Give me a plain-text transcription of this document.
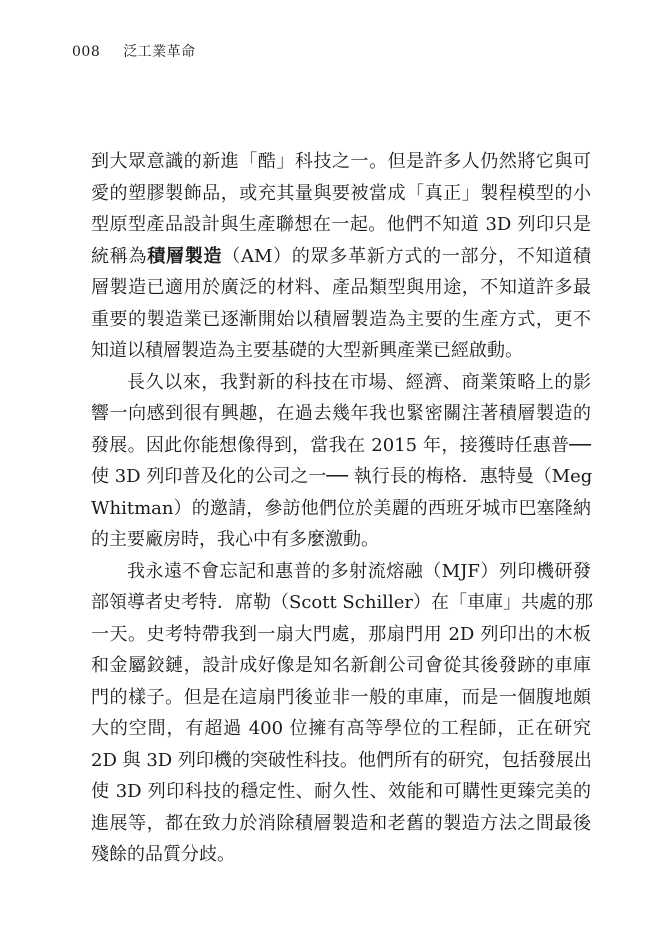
008 泛工業革命
到大眾意識的新進「酷」科技之一。但是許多人仍然將它與可
愛的塑膠製飾品，或充其量與要被當成「真正」製程模型的小
型原型產品設計與生產聯想在一起。他們不知道 3D 列印只是
統稱為積層製造（AM）的眾多革新方式的一部分，不知道積
層製造已適用於廣泛的材料、產品類型與用途，不知道許多最
重要的製造業已逐漸開始以積層製造為主要的生產方式，更不
知道以積層製造為主要基礎的大型新興產業已經啟動。
長久以來，我對新的科技在市場、經濟、商業策略上的影
響一向感到很有興趣，在過去幾年我也緊密關注著積層製造的
發展。因此你能想像得到，當我在 2015 年，接獲時任惠普──
使 3D 列印普及化的公司之一── 執行長的梅格．惠特曼（Meg
Whitman）的邀請，參訪他們位於美麗的西班牙城市巴塞隆納
的主要廠房時，我心中有多麼激動。
我永遠不會忘記和惠普的多射流熔融（MJF）列印機研發
部領導者史考特．席勒（Scott Schiller）在「車庫」共處的那
一天。史考特帶我到一扇大門處，那扇門用 2D 列印出的木板
和金屬鉸鏈，設計成好像是知名新創公司會從其後發跡的車庫
門的樣子。但是在這扇門後並非一般的車庫，而是一個腹地頗
大的空間，有超過 400 位擁有高等學位的工程師，正在研究
2D 與 3D 列印機的突破性科技。他們所有的研究，包括發展出
使 3D 列印科技的穩定性、耐久性、效能和可購性更臻完美的
進展等，都在致力於消除積層製造和老舊的製造方法之間最後
殘餘的品質分歧。
